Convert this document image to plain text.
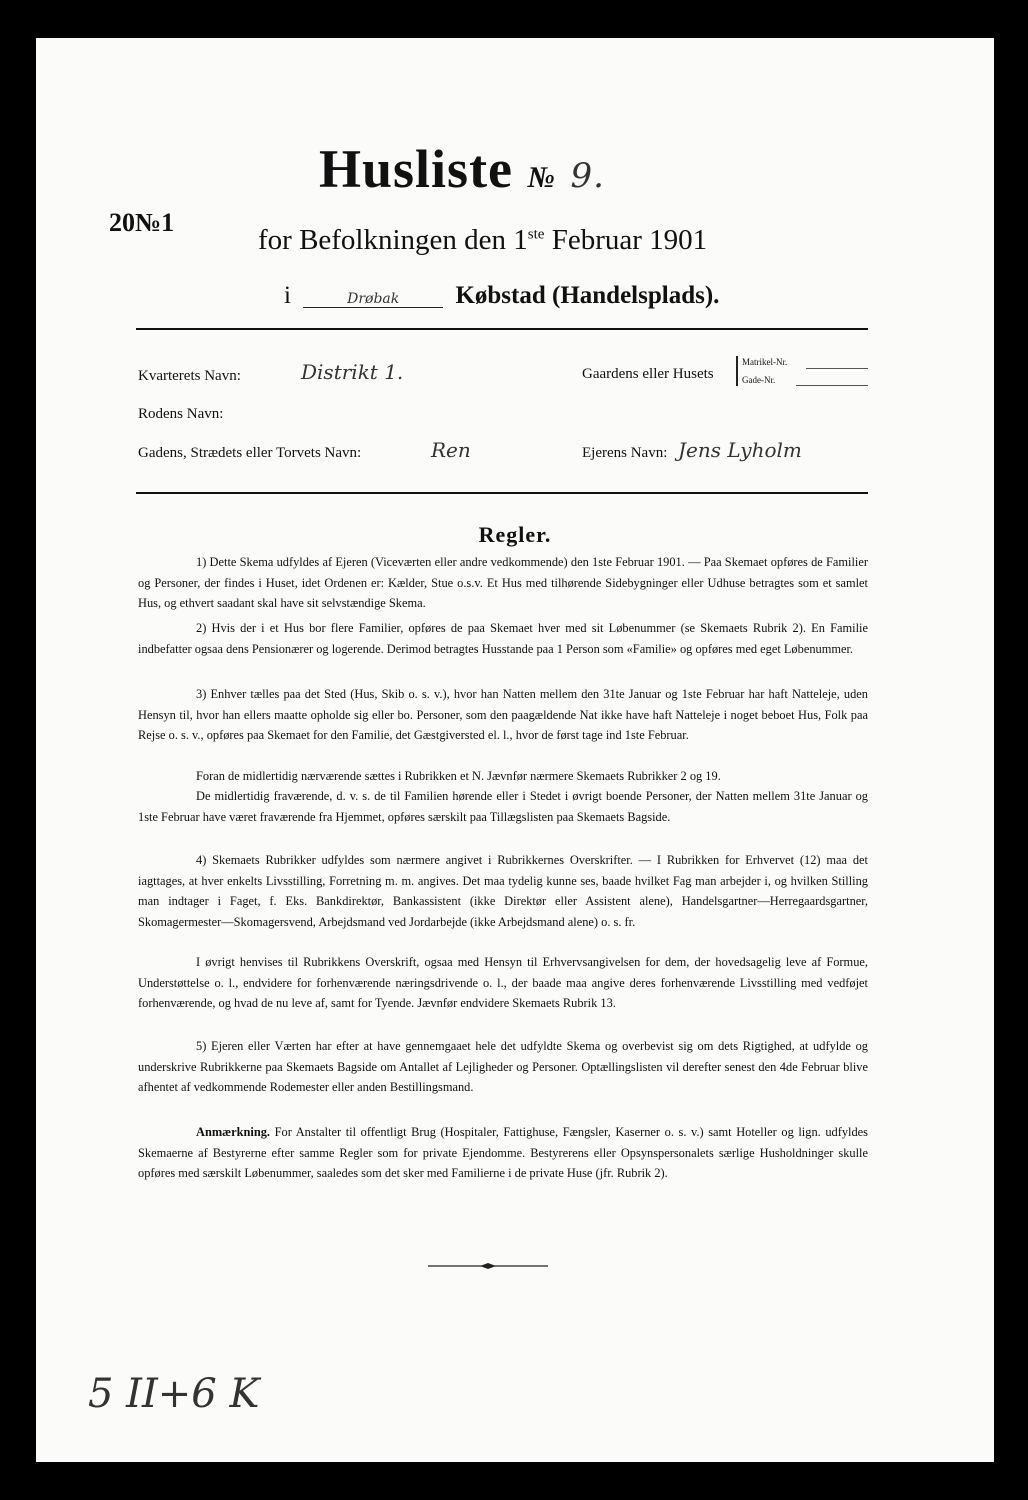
Husliste № 9.
20№1
for Befolkningen den 1ste Februar 1901
i	Drøbak Købstad (Handelsplads).
Kvarterets Navn:	Distrikt 1.	Gaardens eller Husets
Matrikel-Nr.
Gade-Nr.
Rodens Navn:
Gadens, Strædets eller Torvets Navn:	Ren	Ejerens Navn: Jens Lyholm
Regler.
1) Dette Skema udfyldes af Ejeren (Viceværten eller andre vedkommende) den 1ste Februar 1901. — Paa Skemaet opføres de Familier og Personer, der findes i Huset, idet Ordenen er: Kælder, Stue o.s.v. Et Hus med tilhørende Sidebygninger eller Udhuse betragtes som et samlet Hus, og ethvert saadant skal have sit selvstændige Skema.
2) Hvis der i et Hus bor flere Familier, opføres de paa Skemaet hver med sit Løbenummer (se Skemaets Rubrik 2). En Familie indbefatter ogsaa dens Pensionærer og logerende. Derimod betragtes Husstande paa 1 Person som «Familie» og opføres med eget Løbenummer.
3) Enhver tælles paa det Sted (Hus, Skib o. s. v.), hvor han Natten mellem den 31te Januar og 1ste Februar har haft Natteleje, uden Hensyn til, hvor han ellers maatte opholde sig eller bo. Personer, som den paagældende Nat ikke have haft Natteleje i noget beboet Hus, Folk paa Rejse o. s. v., opføres paa Skemaet for den Familie, det Gæstgiversted el. l., hvor de først tage ind 1ste Februar.
Foran de midlertidig nærværende sættes i Rubrikken et N. Jævnfør nærmere Skemaets Rubrikker 2 og 19.
De midlertidig fraværende, d. v. s. de til Familien hørende eller i Stedet i øvrigt boende Personer, der Natten mellem 31te Januar og 1ste Februar have været fraværende fra Hjemmet, opføres særskilt paa Tillægslisten paa Skemaets Bagside.
4) Skemaets Rubrikker udfyldes som nærmere angivet i Rubrikkernes Overskrifter. — I Rubrikken for Erhvervet (12) maa det iagttages, at hver enkelts Livsstilling, Forretning m. m. angives. Det maa tydelig kunne ses, baade hvilket Fag man arbejder i, og hvilken Stilling man indtager i Faget, f. Eks. Bankdirektør, Bankassistent (ikke Direktør eller Assistent alene), Handelsgartner—Herregaardsgartner, Skomagermester—Skomagersvend, Arbejdsmand ved Jordarbejde (ikke Arbejdsmand alene) o. s. fr.
I øvrigt henvises til Rubrikkens Overskrift, ogsaa med Hensyn til Erhvervsangivelsen for dem, der hovedsagelig leve af Formue, Understøttelse o. l., endvidere for forhenværende næringsdrivende o. l., der baade maa angive deres forhenværende Livsstilling med vedføjet forhenværende, og hvad de nu leve af, samt for Tyende. Jævnfør endvidere Skemaets Rubrik 13.
5) Ejeren eller Værten har efter at have gennemgaaet hele det udfyldte Skema og overbevist sig om dets Rigtighed, at udfylde og underskrive Rubrikkerne paa Skemaets Bagside om Antallet af Lejligheder og Personer. Optællingslisten vil derefter senest den 4de Februar blive afhentet af vedkommende Rodemester eller anden Bestillingsmand.
Anmærkning. For Anstalter til offentligt Brug (Hospitaler, Fattighuse, Fængsler, Kaserner o. s. v.) samt Hoteller og lign. udfyldes Skemaerne af Bestyrerne efter samme Regler som for private Ejendomme. Bestyrerens eller Opsynspersonalets særlige Husholdninger skulle opføres med særskilt Løbenummer, saaledes som det sker med Familierne i de private Huse (jfr. Rubrik 2).
5 II+6 K
